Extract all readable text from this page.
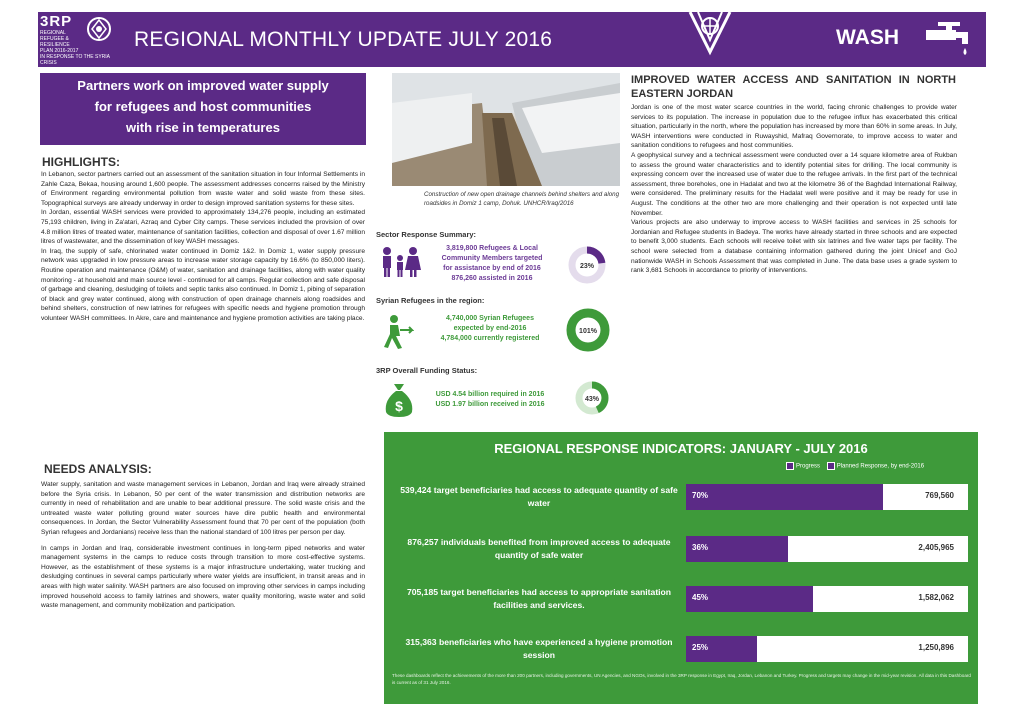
3RP
REGIONAL
REFUGEE &
RESILIENCE
PLAN 2016-2017
IN RESPONSE TO THE SYRIA CRISIS
REGIONAL MONTHLY UPDATE JULY 2016	WASH
Partners work on improved water supply
for refugees and host communities
with rise in temperatures
HIGHLIGHTS:

In Lebanon, sector partners carried out an assessment of the sanitation situation in four Informal Settlements in Zahle Caza, Bekaa, housing around 1,600 people. The assessment addresses concerns raised by the Ministry of Environment regarding environmental pollution from waste water and solid waste from these sites. Topographical surveys are already underway in order to design improved sanitation systems for these sites.

In Jordan, essential WASH services were provided to approximately 134,276 people, including an estimated 75,193 children, living in Za'atari, Azraq and Cyber City camps. These services included the provision of over 4.8 million litres of treated water, maintenance of sanitation facilities, collection and disposal of over 1.67 million litres of wastewater, and the dissemination of key WASH messages.

In Iraq, the supply of safe, chlorinated water continued in Domiz 1&2. In Domiz 1, water supply pressure network was upgraded in low pressure areas to increase water storage capacity by 16.6% (to 850,000 liters). Routine operation and maintenance (O&M) of water, sanitation and drainage facilities, along with water quality monitoring - at household and main source level - continued for all camps. Regular collection and safe disposal of garbage and cleaning, desludging of toilets and septic tanks also continued. In Domiz 1, pibing of separation of black and grey water continued, along with construction of open drainage channels along roadsides and behind shelters, construction of new latrines for refugees with specific needs and hygiene promotion through volunteer WASH committees. In Akre, care and maintenance and hygiene promotion activities are taking place.

NEEDS ANALYSIS:

Water supply, sanitation and waste management services in Lebanon, Jordan and Iraq were already strained before the Syria crisis. In Lebanon, 50 per cent of the water transmission and distribution networks are currently in need of rehabilitation and are unable to bear additional pressure. The solid waste crisis and the untreated waste water polluting ground water sources have dire public health and environmental consequences. In Jordan, the Sector Vulnerability Assessment found that 70 per cent of the population (both Syrian refugees and Jordanians) receive less than the national standard of 100 litres per person per day.

In camps in Jordan and Iraq, considerable investment continues in long-term piped networks and water management systems in the camps to reduce costs through transition to more cost-effective systems. However, as the establishment of these systems is a major infrastructure undertaking, water trucking and desludging continues in several camps particularly where water yields are insufficient, in transit areas and in areas with high water salinity. WASH partners are also focused on improving other services in camps including improved household access to family latrines and showers, water quality monitoring, waste water and solid waste management, and community mobilization and participation.

Construction of new open drainage channels behind shelters and along roadsides in Domiz 1 camp, Dohuk. UNHCR/Iraq/2016
Sector Response Summary:
3,819,800 Refugees & Local
Community Members targeted
for assistance by end of 2016
876,260 assisted in 2016
23%
Syrian Refugees in the region:
4,740,000 Syrian Refugees
expected by end-2016
4,784,000 currently registered
101%
3RP Overall Funding Status:
$
USD 4.54 billion required in 2016
USD 1.97 billion received in 2016
43%
IMPROVED WATER ACCESS AND SANITATION IN NORTH EASTERN JORDAN

Jordan is one of the most water scarce countries in the world, facing chronic challenges to provide water services to its population. The increase in population due to the refugee influx has exacerbated this critical situation, particularly in the north, where the population has increased by more than 60% in some areas. In July, WASH interventions were conducted in Ruwayshid, Mafraq Governorate, to improve access to water and sanitation conditions to refugees and host communities.

A geophysical survey and a technical assessment were conducted over a 14 square kilometre area of Rukban to assess the ground water characteristics and to identify potential sites for drilling. The local community is expressing concern over the increased use of water due to the refugee arrivals. In the first part of the technical assessment, three boreholes, one in Hadalat and two at the kilometre 36 of the Baghdad International Railway, were considered. The preliminary results for the Hadalat well were positive and it may be ready for use in August. The conditions at the other two are more challenging and their operation is not expected until late November.

Various projects are also underway to improve access to WASH facilities and services in 25 schools for Jordanian and Refugee students in Badeya. The works have already started in three schools and are expected to benefit 3,000 students. Each schools will receive toilet with six latrines and five water taps per facility. The school were selected from a database containing information gathered during the joint Unicef and GoJ nationwide WASH in Schools Assessment that was completed in June. The data base uses a grade system to rank 3,681 Schools in accordance to priority of interventions.

REGIONAL RESPONSE INDICATORS: JANUARY - JULY 2016
Progress	Planned Response, by end-2016
539,424 target beneficiaries had access to adequate quantity of safe water
70%	769,560
876,257 individuals benefited from improved access to adequate quantity of safe water
36%	2,405,965
705,185 target beneficiaries had access to appropriate sanitation facilities and services.
45%	1,582,062
315,363 beneficiaries who have experienced a hygiene promotion session
25%	1,250,896
These dashboards reflect the achievements of the more than 200 partners, including governments, UN Agencies, and NGOs, involved in the 3RP response in Egypt, Iraq, Jordan, Lebanon and Turkey. Progress and targets may change in the mid-year revision. All data in this Dashboard is current as of 31 July 2016.
